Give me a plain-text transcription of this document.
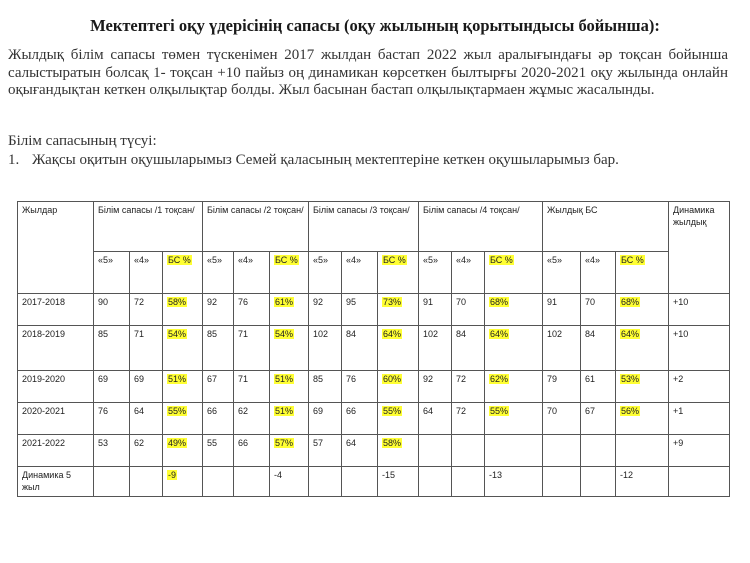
Мектептегі оқу үдерісінің сапасы (оқу жылының қорытындысы бойынша):
Жылдық білім сапасы төмен түскенімен 2017 жылдан бастап 2022 жыл аралығындағы әр тоқсан бойынша салыстыратын болсақ 1- тоқсан +10 пайыз оң динамикан көрсеткен былтырғы 2020-2021 оқу жылында онлайн оқығандықтан кеткен олқылықтар болды. Жыл басынан бастап олқылықтармаен жұмыс жасалынды.
Білім сапасының түсуі:
1. Жақсы оқитын оқушыларымыз Семей қаласының мектептеріне кеткен оқушыларымыз бар.
Жылдар	Білім сапасы /1 тоқсан/			Білім сапасы /2 тоқсан/			Білім сапасы /3 тоқсан/			Білім сапасы /4 тоқсан/			Жылдық БС			Динамика жылдық
	«5»	«4»	БС %	«5»	«4»	БС %	«5»	«4»	БС %	«5»	«4»	БС %	«5»	«4»	БС %	
2017-2018	90	72	58%	92	76	61%	92	95	73%	91	70	68%	91	70	68%	+10
2018-2019	85	71	54%	85	71	54%	102	84	64%	102	84	64%	102	84	64%	+10
2019-2020	69	69	51%	67	71	51%	85	76	60%	92	72	62%	79	61	53%	+2
2020-2021	76	64	55%	66	62	51%	69	66	55%	64	72	55%	70	67	56%	+1
2021-2022	53	62	49%	55	66	57%	57	64	58%							+9
Динамика 5 жыл			-9			-4			-15			-13			-12	
